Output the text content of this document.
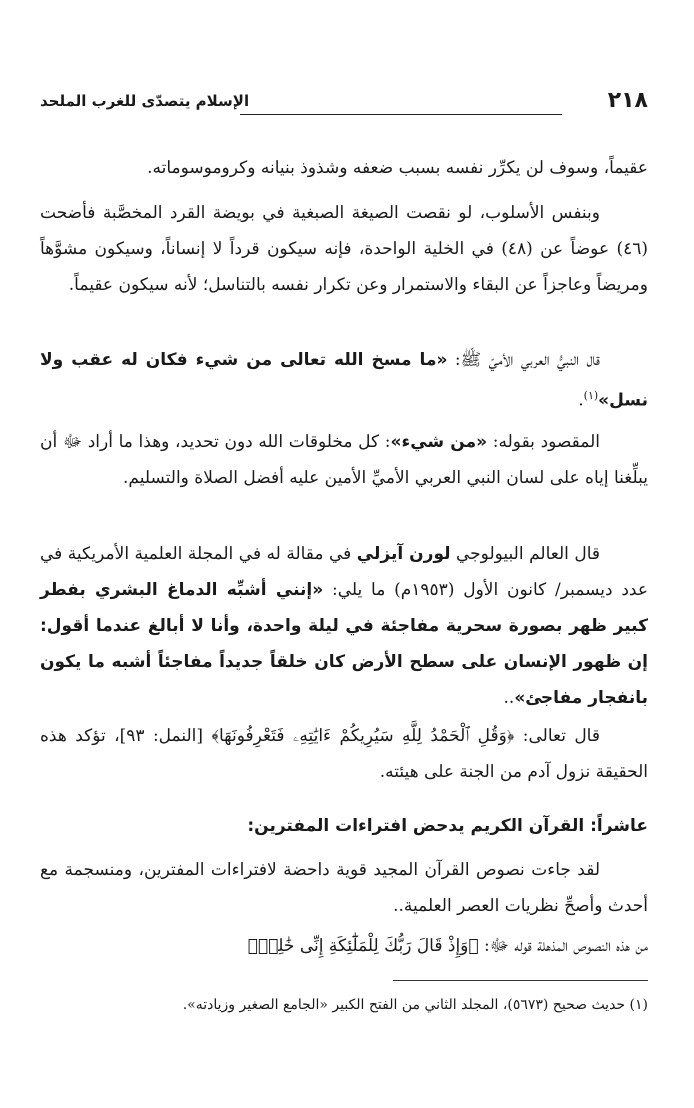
٢١٨
الإسلام يتصدّى للغرب الملحد
عقيماً، وسوف لن يكرِّر نفسه بسبب ضعفه وشذوذ بنيانه وكروموسوماته.
وبنفس الأسلوب، لو نقصت الصيغة الصبغية في بويضة القرد المخصَّبة فأضحت (٤٦) عوضاً عن (٤٨) في الخلية الواحدة، فإنه سيكون قرداً لا إنساناً، وسيكون مشوَّهاً ومريضاً وعاجزاً عن البقاء والاستمرار وعن تكرار نفسه بالتناسل؛ لأنه سيكون عقيماً.
قال النبيُّ العربي الأميّ ﷺ: «ما مسخ الله تعالى من شيء فكان له عقب ولا نسل»$^{(١)}$.
المقصود بقوله: «من شيء»: كل مخلوقات الله دون تحديد، وهذا ما أراد ﷻ أن يبلِّغنا إياه على لسان النبي العربي الأميِّ الأمين عليه أفضل الصلاة والتسليم.
قال العالم البيولوجي لورن آيزلي في مقالة له في المجلة العلمية الأمريكية في عدد ديسمبر/ كانون الأول (١٩٥٣م) ما يلي: «إنني أشبِّه الدماغ البشري بفطر كبير ظهر بصورة سحرية مفاجئة في ليلة واحدة، وأنا لا أبالغ عندما أقول: إن ظهور الإنسان على سطح الأرض كان خلقاً جديداً مفاجئاً أشبه ما يكون بانفجار مفاجئ»..
قال تعالى: ﴿وَقُلِ ٱلْحَمْدُ لِلَّهِ سَيُرِيكُمْ ءَايَٰتِهِۦ فَتَعْرِفُونَهَا﴾ [النمل: ٩٣]، تؤكد هذه الحقيقة نزول آدم من الجنة على هيئته.
عاشراً: القرآن الكريم يدحض افتراءات المفترين:
لقد جاءت نصوص القرآن المجيد قوية داحضة لافتراءات المفترين، ومنسجمة مع أحدث وأصحِّ نظريات العصر العلمية..
من هذه النصوص المذهلة قوله ﷻ: ﴿وَإِذْ قَالَ رَبُّكَ لِلْمَلَٰٓئِكَةِ إِنِّى خَٰلِقٌۢ
(١) حديث صحيح (٥٦٧٣)، المجلد الثاني من الفتح الكبير «الجامع الصغير وزيادته».
